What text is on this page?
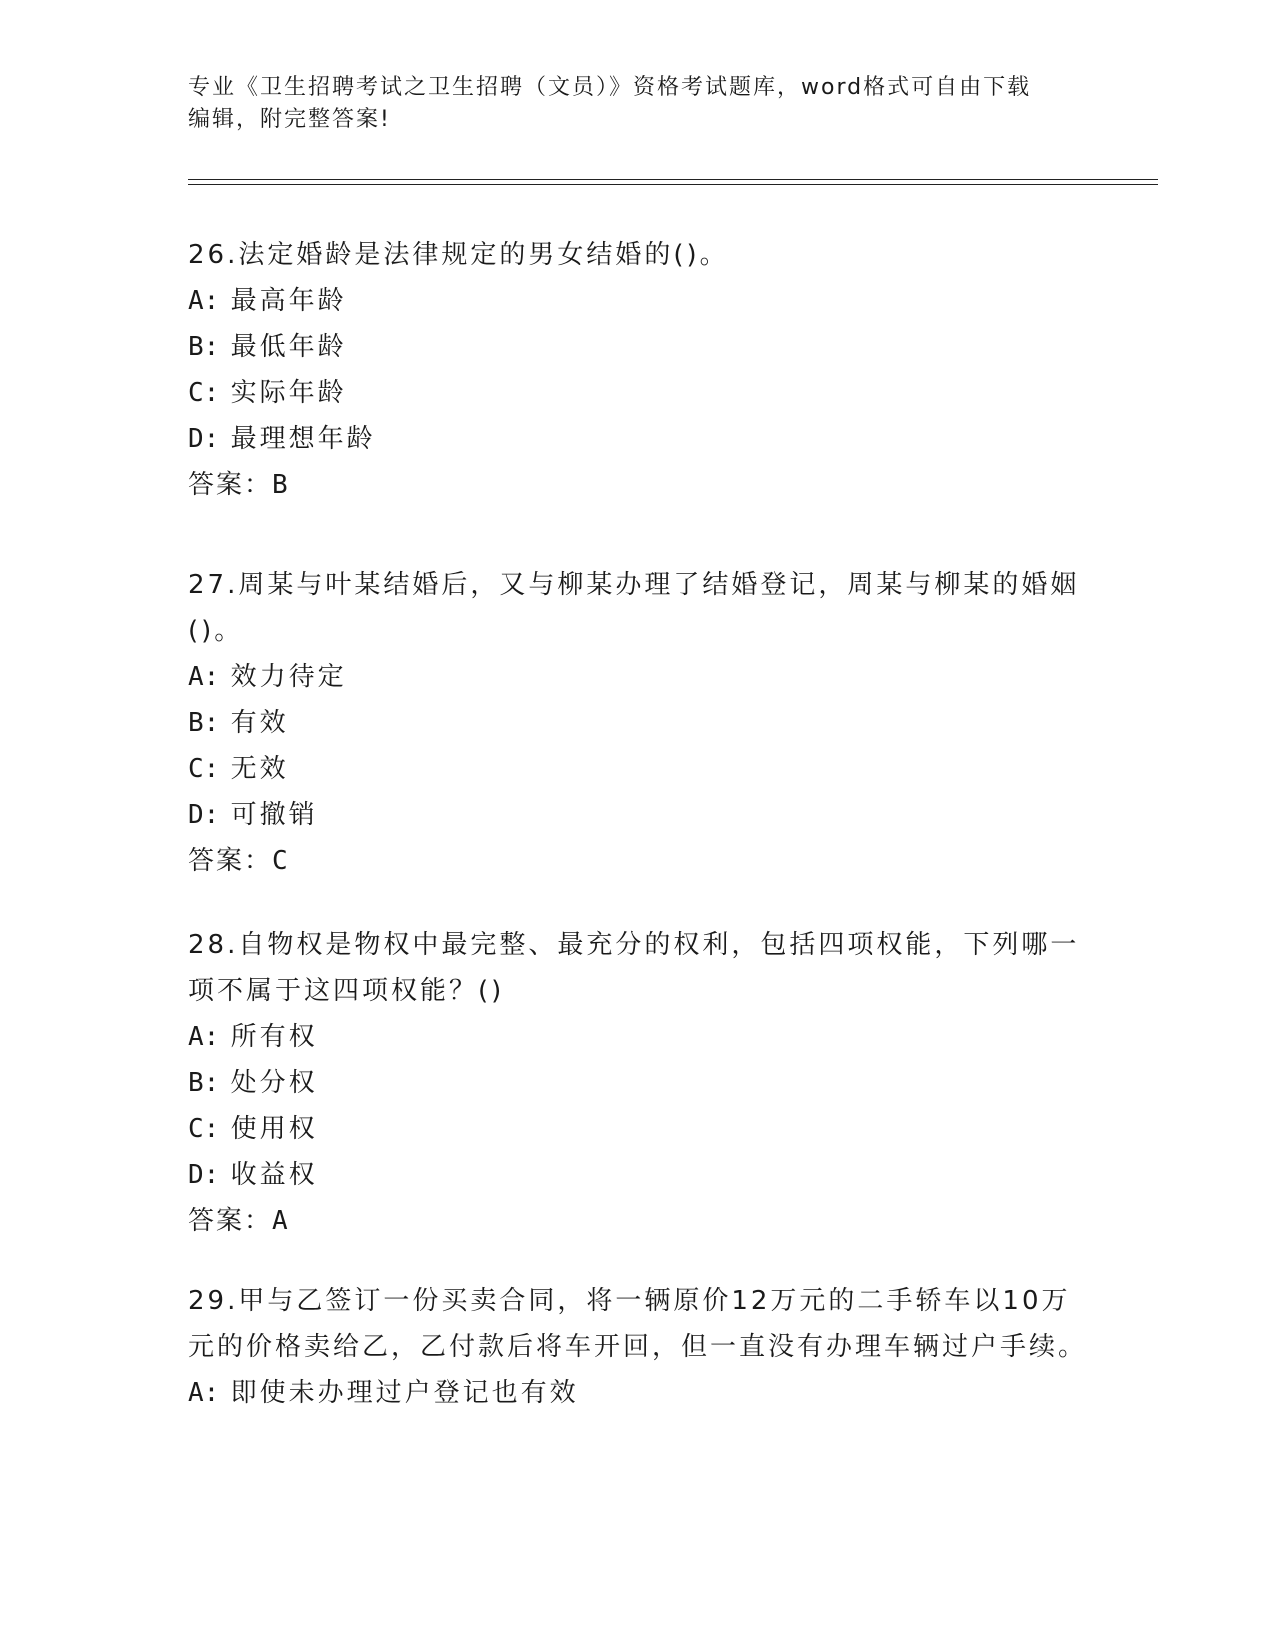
专业《卫生招聘考试之卫生招聘（文员）》资格考试题库，word格式可自由下载

编辑，附完整答案!

26.法定婚龄是法律规定的男女结婚的()。

A: 最高年龄

B: 最低年龄

C: 实际年龄

D: 最理想年龄

答案：B

27.周某与叶某结婚后，又与柳某办理了结婚登记，周某与柳某的婚姻()。

A: 效力待定

B: 有效

C: 无效

D: 可撤销

答案：C

28.自物权是物权中最完整、最充分的权利，包括四项权能，下列哪一项不属于这四项权能？()

A: 所有权

B: 处分权

C: 使用权

D: 收益权

答案：A

29.甲与乙签订一份买卖合同，将一辆原价12万元的二手轿车以10万元的价格卖给乙，乙付款后将车开回，但一直没有办理车辆过户手续。

A: 即使未办理过户登记也有效
